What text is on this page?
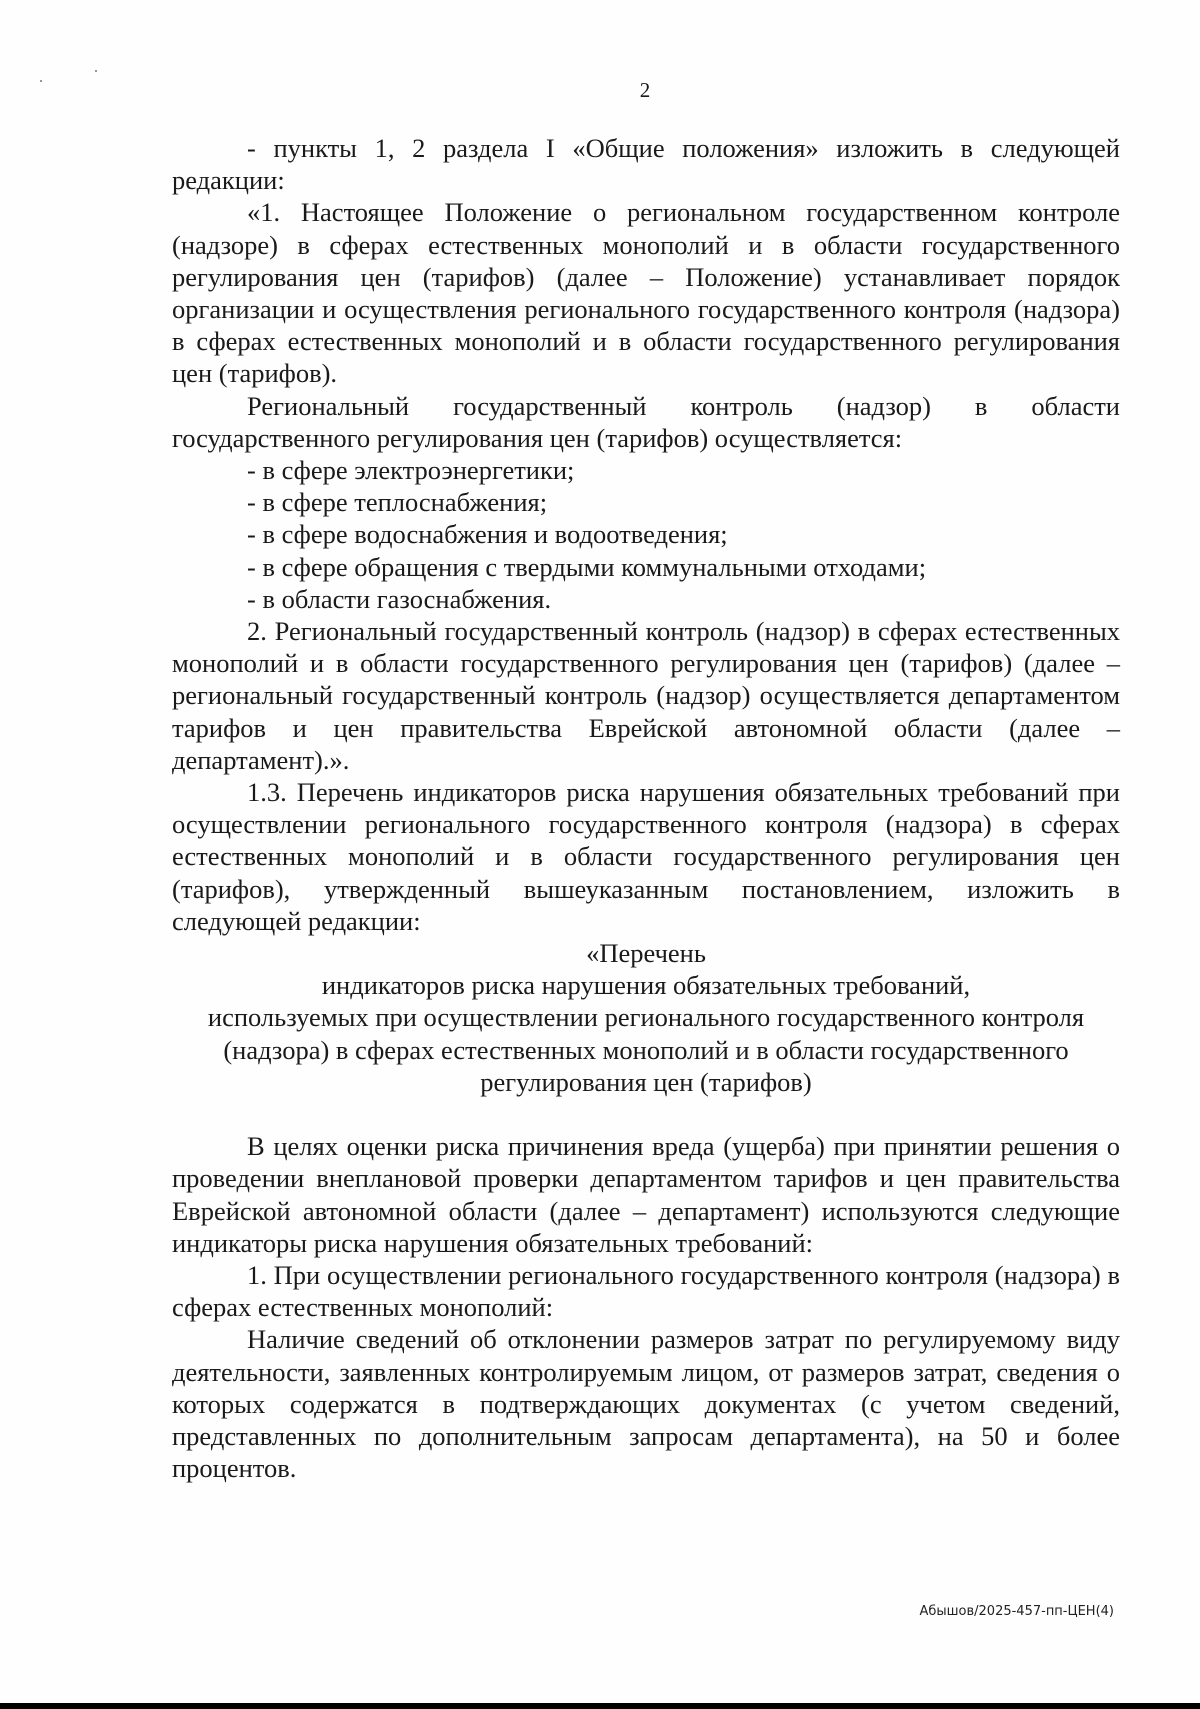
2

- пункты 1, 2 раздела I «Общие положения» изложить в следующей редакции:

«1. Настоящее Положение о региональном государственном контроле (надзоре) в сферах естественных монополий и в области государственного регулирования цен (тарифов) (далее – Положение) устанавливает порядок организации и осуществления регионального государственного контроля (надзора) в сферах естественных монополий и в области государственного регулирования цен (тарифов).

Региональный государственный контроль (надзор) в области государственного регулирования цен (тарифов) осуществляется:

- в сфере электроэнергетики;

- в сфере теплоснабжения;

- в сфере водоснабжения и водоотведения;

- в сфере обращения с твердыми коммунальными отходами;

- в области газоснабжения.

2. Региональный государственный контроль (надзор) в сферах естественных монополий и в области государственного регулирования цен (тарифов) (далее – региональный государственный контроль (надзор) осуществляется департаментом тарифов и цен правительства Еврейской автономной области (далее – департамент).».

1.3. Перечень индикаторов риска нарушения обязательных требований при осуществлении регионального государственного контроля (надзора) в сферах естественных монополий и в области государственного регулирования цен (тарифов), утвержденный вышеуказанным постановлением, изложить в следующей редакции:

«Перечень

индикаторов риска нарушения обязательных требований,

используемых при осуществлении регионального государственного контроля

(надзора) в сферах естественных монополий и в области государственного

регулирования цен (тарифов)

В целях оценки риска причинения вреда (ущерба) при принятии решения о проведении внеплановой проверки департаментом тарифов и цен правительства Еврейской автономной области (далее – департамент) используются следующие индикаторы риска нарушения обязательных требований:

1. При осуществлении регионального государственного контроля (надзора) в сферах естественных монополий:

Наличие сведений об отклонении размеров затрат по регулируемому виду деятельности, заявленных контролируемым лицом, от размеров затрат, сведения о которых содержатся в подтверждающих документах (с учетом сведений, представленных по дополнительным запросам департамента), на 50 и более процентов.

Абышов/2025-457-пп-ЦЕН(4)
